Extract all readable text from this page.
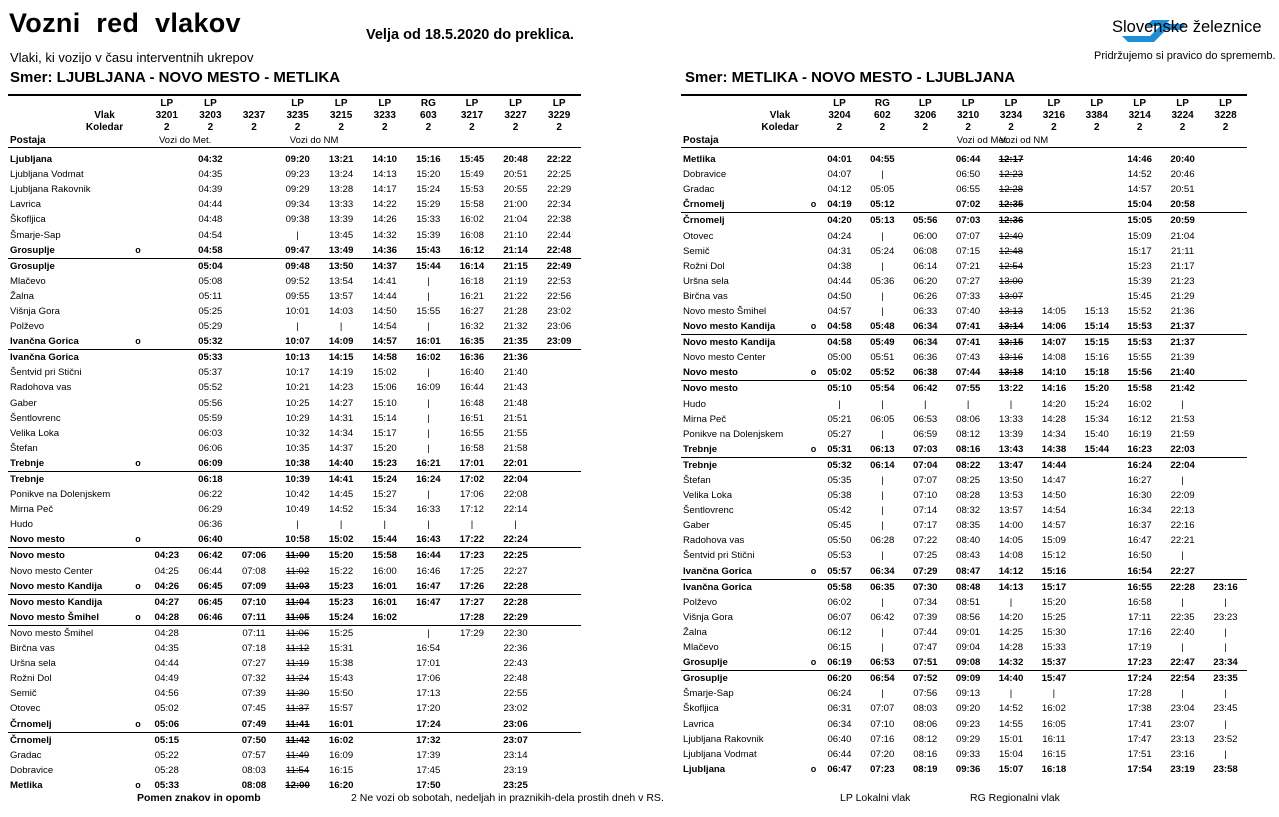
Vozni red vlakov	Velja od 18.5.2020 do preklica.
Vlaki, ki vozijo v času interventnih ukrepov
Smer: LJUBLJANA - NOVO MESTO - METLIKA	Smer: METLIKA - NOVO MESTO - LJUBLJANA
Slovenske železnice
Pridržujemo si pravico do sprememb.
		LP	LP		LP	LP	LP	RG	LP	LP	LP
Vlak		3201	3203	3237	3235	3215	3233	603	3217	3227	3229
Koledar		2	2	2	2	2	2	2	2	2	2
Postaja		Vozi do Met.			Vozi do NM						

Ljubljana			04:32		09:20	13:21	14:10	15:16	15:45	20:48	22:22
Ljubljana Vodmat			04:35		09:23	13:24	14:13	15:20	15:49	20:51	22:25
Ljubljana Rakovnik			04:39		09:29	13:28	14:17	15:24	15:53	20:55	22:29
Lavrica			04:44		09:34	13:33	14:22	15:29	15:58	21:00	22:34
Škofljica			04:48		09:38	13:39	14:26	15:33	16:02	21:04	22:38
Šmarje-Sap			04:54		|	13:45	14:32	15:39	16:08	21:10	22:44
Grosuplje	o		04:58		09:47	13:49	14:36	15:43	16:12	21:14	22:48
Grosuplje			05:04		09:48	13:50	14:37	15:44	16:14	21:15	22:49
Mlačevo			05:08		09:52	13:54	14:41	|	16:18	21:19	22:53
Žalna			05:11		09:55	13:57	14:44	|	16:21	21:22	22:56
Višnja Gora			05:25		10:01	14:03	14:50	15:55	16:27	21:28	23:02
Polževo			05:29		|	|	14:54	|	16:32	21:32	23:06
Ivančna Gorica	o		05:32		10:07	14:09	14:57	16:01	16:35	21:35	23:09
Ivančna Gorica			05:33		10:13	14:15	14:58	16:02	16:36	21:36	
Šentvid pri Stični			05:37		10:17	14:19	15:02	|	16:40	21:40	
Radohova vas			05:52		10:21	14:23	15:06	16:09	16:44	21:43	
Gaber			05:56		10:25	14:27	15:10	|	16:48	21:48	
Šentlovrenc			05:59		10:29	14:31	15:14	|	16:51	21:51	
Velika Loka			06:03		10:32	14:34	15:17	|	16:55	21:55	
Štefan			06:06		10:35	14:37	15:20	|	16:58	21:58	
Trebnje	o		06:09		10:38	14:40	15:23	16:21	17:01	22:01	
Trebnje			06:18		10:39	14:41	15:24	16:24	17:02	22:04	
Ponikve na Dolenjskem			06:22		10:42	14:45	15:27	|	17:06	22:08	
Mirna Peč			06:29		10:49	14:52	15:34	16:33	17:12	22:14	
Hudo			06:36		|	|	|	|	|	|	
Novo mesto	o		06:40		10:58	15:02	15:44	16:43	17:22	22:24	
Novo mesto		04:23	06:42	07:06	11:00	15:20	15:58	16:44	17:23	22:25	
Novo mesto Center		04:25	06:44	07:08	11:02	15:22	16:00	16:46	17:25	22:27	
Novo mesto Kandija	o	04:26	06:45	07:09	11:03	15:23	16:01	16:47	17:26	22:28	
Novo mesto Kandija		04:27	06:45	07:10	11:04	15:23	16:01	16:47	17:27	22:28	
Novo mesto Šmihel	o	04:28	06:46	07:11	11:05	15:24	16:02		17:28	22:29	
Novo mesto Šmihel		04:28		07:11	11:06	15:25		|	17:29	22:30	
Birčna vas		04:35		07:18	11:12	15:31		16:54		22:36	
Uršna sela		04:44		07:27	11:19	15:38		17:01		22:43	
Rožni Dol		04:49		07:32	11:24	15:43		17:06		22:48	
Semič		04:56		07:39	11:30	15:50		17:13		22:55	
Otovec		05:02		07:45	11:37	15:57		17:20		23:02	
Črnomelj	o	05:06		07:49	11:41	16:01		17:24		23:06	
Črnomelj		05:15		07:50	11:42	16:02		17:32		23:07	
Gradac		05:22		07:57	11:49	16:09		17:39		23:14	
Dobravice		05:28		08:03	11:54	16:15		17:45		23:19	
Metlika	o	05:33		08:08	12:00	16:20		17:50		23:25	
		LP	RG	LP	LP	LP	LP	LP	LP	LP	LP
Vlak		3204	602	3206	3210	3234	3216	3384	3214	3224	3228
Koledar		2	2	2	2	2	2	2	2	2	2
Postaja					Vozi od Met.	Vozi od NM					

Metlika		04:01	04:55		06:44	12:17			14:46	20:40	
Dobravice		04:07	|		06:50	12:23			14:52	20:46	
Gradac		04:12	05:05		06:55	12:28			14:57	20:51	
Črnomelj	o	04:19	05:12		07:02	12:35			15:04	20:58	
Črnomelj		04:20	05:13	05:56	07:03	12:36			15:05	20:59	
Otovec		04:24	|	06:00	07:07	12:40			15:09	21:04	
Semič		04:31	05:24	06:08	07:15	12:48			15:17	21:11	
Rožni Dol		04:38	|	06:14	07:21	12:54			15:23	21:17	
Uršna sela		04:44	05:36	06:20	07:27	13:00			15:39	21:23	
Birčna vas		04:50	|	06:26	07:33	13:07			15:45	21:29	
Novo mesto Šmihel		04:57	|	06:33	07:40	13:13	14:05	15:13	15:52	21:36	
Novo mesto Kandija	o	04:58	05:48	06:34	07:41	13:14	14:06	15:14	15:53	21:37	
Novo mesto Kandija		04:58	05:49	06:34	07:41	13:15	14:07	15:15	15:53	21:37	
Novo mesto Center		05:00	05:51	06:36	07:43	13:16	14:08	15:16	15:55	21:39	
Novo mesto	o	05:02	05:52	06:38	07:44	13:18	14:10	15:18	15:56	21:40	
Novo mesto		05:10	05:54	06:42	07:55	13:22	14:16	15:20	15:58	21:42	
Hudo		|	|	|	|	|	14:20	15:24	16:02	|	
Mirna Peč		05:21	06:05	06:53	08:06	13:33	14:28	15:34	16:12	21:53	
Ponikve na Dolenjskem		05:27	|	06:59	08:12	13:39	14:34	15:40	16:19	21:59	
Trebnje	o	05:31	06:13	07:03	08:16	13:43	14:38	15:44	16:23	22:03	
Trebnje		05:32	06:14	07:04	08:22	13:47	14:44		16:24	22:04	
Štefan		05:35	|	07:07	08:25	13:50	14:47		16:27	|	
Velika Loka		05:38	|	07:10	08:28	13:53	14:50		16:30	22:09	
Šentlovrenc		05:42	|	07:14	08:32	13:57	14:54		16:34	22:13	
Gaber		05:45	|	07:17	08:35	14:00	14:57		16:37	22:16	
Radohova vas		05:50	06:28	07:22	08:40	14:05	15:09		16:47	22:21	
Šentvid pri Stični		05:53	|	07:25	08:43	14:08	15:12		16:50	|	
Ivančna Gorica	o	05:57	06:34	07:29	08:47	14:12	15:16		16:54	22:27	
Ivančna Gorica		05:58	06:35	07:30	08:48	14:13	15:17		16:55	22:28	23:16
Polževo		06:02	|	07:34	08:51	|	15:20		16:58	|	|
Višnja Gora		06:07	06:42	07:39	08:56	14:20	15:25		17:11	22:35	23:23
Žalna		06:12	|	07:44	09:01	14:25	15:30		17:16	22:40	|
Mlačevo		06:15	|	07:47	09:04	14:28	15:33		17:19	|	|
Grosuplje	o	06:19	06:53	07:51	09:08	14:32	15:37		17:23	22:47	23:34
Grosuplje		06:20	06:54	07:52	09:09	14:40	15:47		17:24	22:54	23:35
Šmarje-Sap		06:24	|	07:56	09:13	|	|		17:28	|	|
Škofljica		06:31	07:07	08:03	09:20	14:52	16:02		17:38	23:04	23:45
Lavrica		06:34	07:10	08:06	09:23	14:55	16:05		17:41	23:07	|
Ljubljana Rakovnik		06:40	07:16	08:12	09:29	15:01	16:11		17:47	23:13	23:52
Ljubljana Vodmat		06:44	07:20	08:16	09:33	15:04	16:15		17:51	23:16	|
Ljubljana	o	06:47	07:23	08:19	09:36	15:07	16:18		17:54	23:19	23:58
Pomen znakov in opomb	2 Ne vozi ob sobotah, nedeljah in praznikih-dela prostih dneh v RS.	LP Lokalni vlak	RG Regionalni vlak
